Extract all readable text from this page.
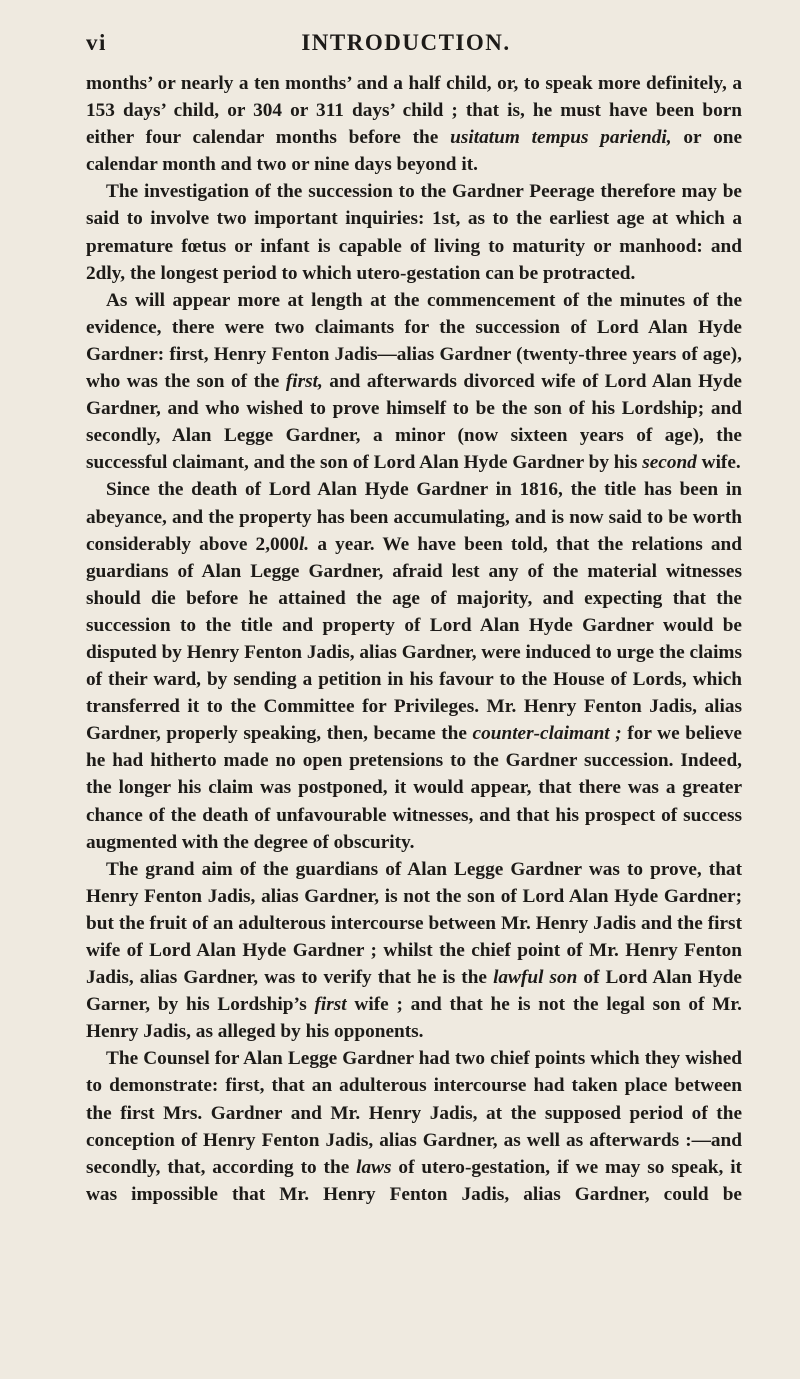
vi	INTRODUCTION.

months’ or nearly a ten months’ and a half child, or, to speak more definitely, a 153 days’ child, or 304 or 311 days’ child ; that is, he must have been born either four calendar months before the usitatum tempus pariendi, or one calendar month and two or nine days beyond it.

The investigation of the succession to the Gardner Peerage therefore may be said to involve two important inquiries: 1st, as to the earliest age at which a premature fœtus or infant is capable of living to maturity or manhood: and 2dly, the longest period to which utero-gestation can be protracted.

As will appear more at length at the commencement of the minutes of the evidence, there were two claimants for the succession of Lord Alan Hyde Gardner: first, Henry Fenton Jadis—alias Gardner (twenty-three years of age), who was the son of the first, and afterwards divorced wife of Lord Alan Hyde Gardner, and who wished to prove himself to be the son of his Lordship; and secondly, Alan Legge Gardner, a minor (now sixteen years of age), the successful claimant, and the son of Lord Alan Hyde Gardner by his second wife.

Since the death of Lord Alan Hyde Gardner in 1816, the title has been in abeyance, and the property has been accumulating, and is now said to be worth considerably above 2,000l. a year. We have been told, that the relations and guardians of Alan Legge Gardner, afraid lest any of the material witnesses should die before he attained the age of majority, and expecting that the succession to the title and property of Lord Alan Hyde Gardner would be disputed by Henry Fenton Jadis, alias Gardner, were induced to urge the claims of their ward, by sending a petition in his favour to the House of Lords, which transferred it to the Committee for Privileges. Mr. Henry Fenton Jadis, alias Gardner, properly speaking, then, became the counter-claimant ; for we believe he had hitherto made no open pretensions to the Gardner succession. Indeed, the longer his claim was postponed, it would appear, that there was a greater chance of the death of unfavourable witnesses, and that his prospect of success augmented with the degree of obscurity.

The grand aim of the guardians of Alan Legge Gardner was to prove, that Henry Fenton Jadis, alias Gardner, is not the son of Lord Alan Hyde Gardner; but the fruit of an adulterous intercourse between Mr. Henry Jadis and the first wife of Lord Alan Hyde Gardner ; whilst the chief point of Mr. Henry Fenton Jadis, alias Gardner, was to verify that he is the lawful son of Lord Alan Hyde Garner, by his Lordship’s first wife ; and that he is not the legal son of Mr. Henry Jadis, as alleged by his opponents.

The Counsel for Alan Legge Gardner had two chief points which they wished to demonstrate: first, that an adulterous intercourse had taken place between the first Mrs. Gardner and Mr. Henry Jadis, at the supposed period of the conception of Henry Fenton Jadis, alias Gardner, as well as afterwards :—and secondly, that, according to the laws of utero-gestation, if we may so speak, it was impossible that Mr. Henry Fenton Jadis, alias Gardner, could be
